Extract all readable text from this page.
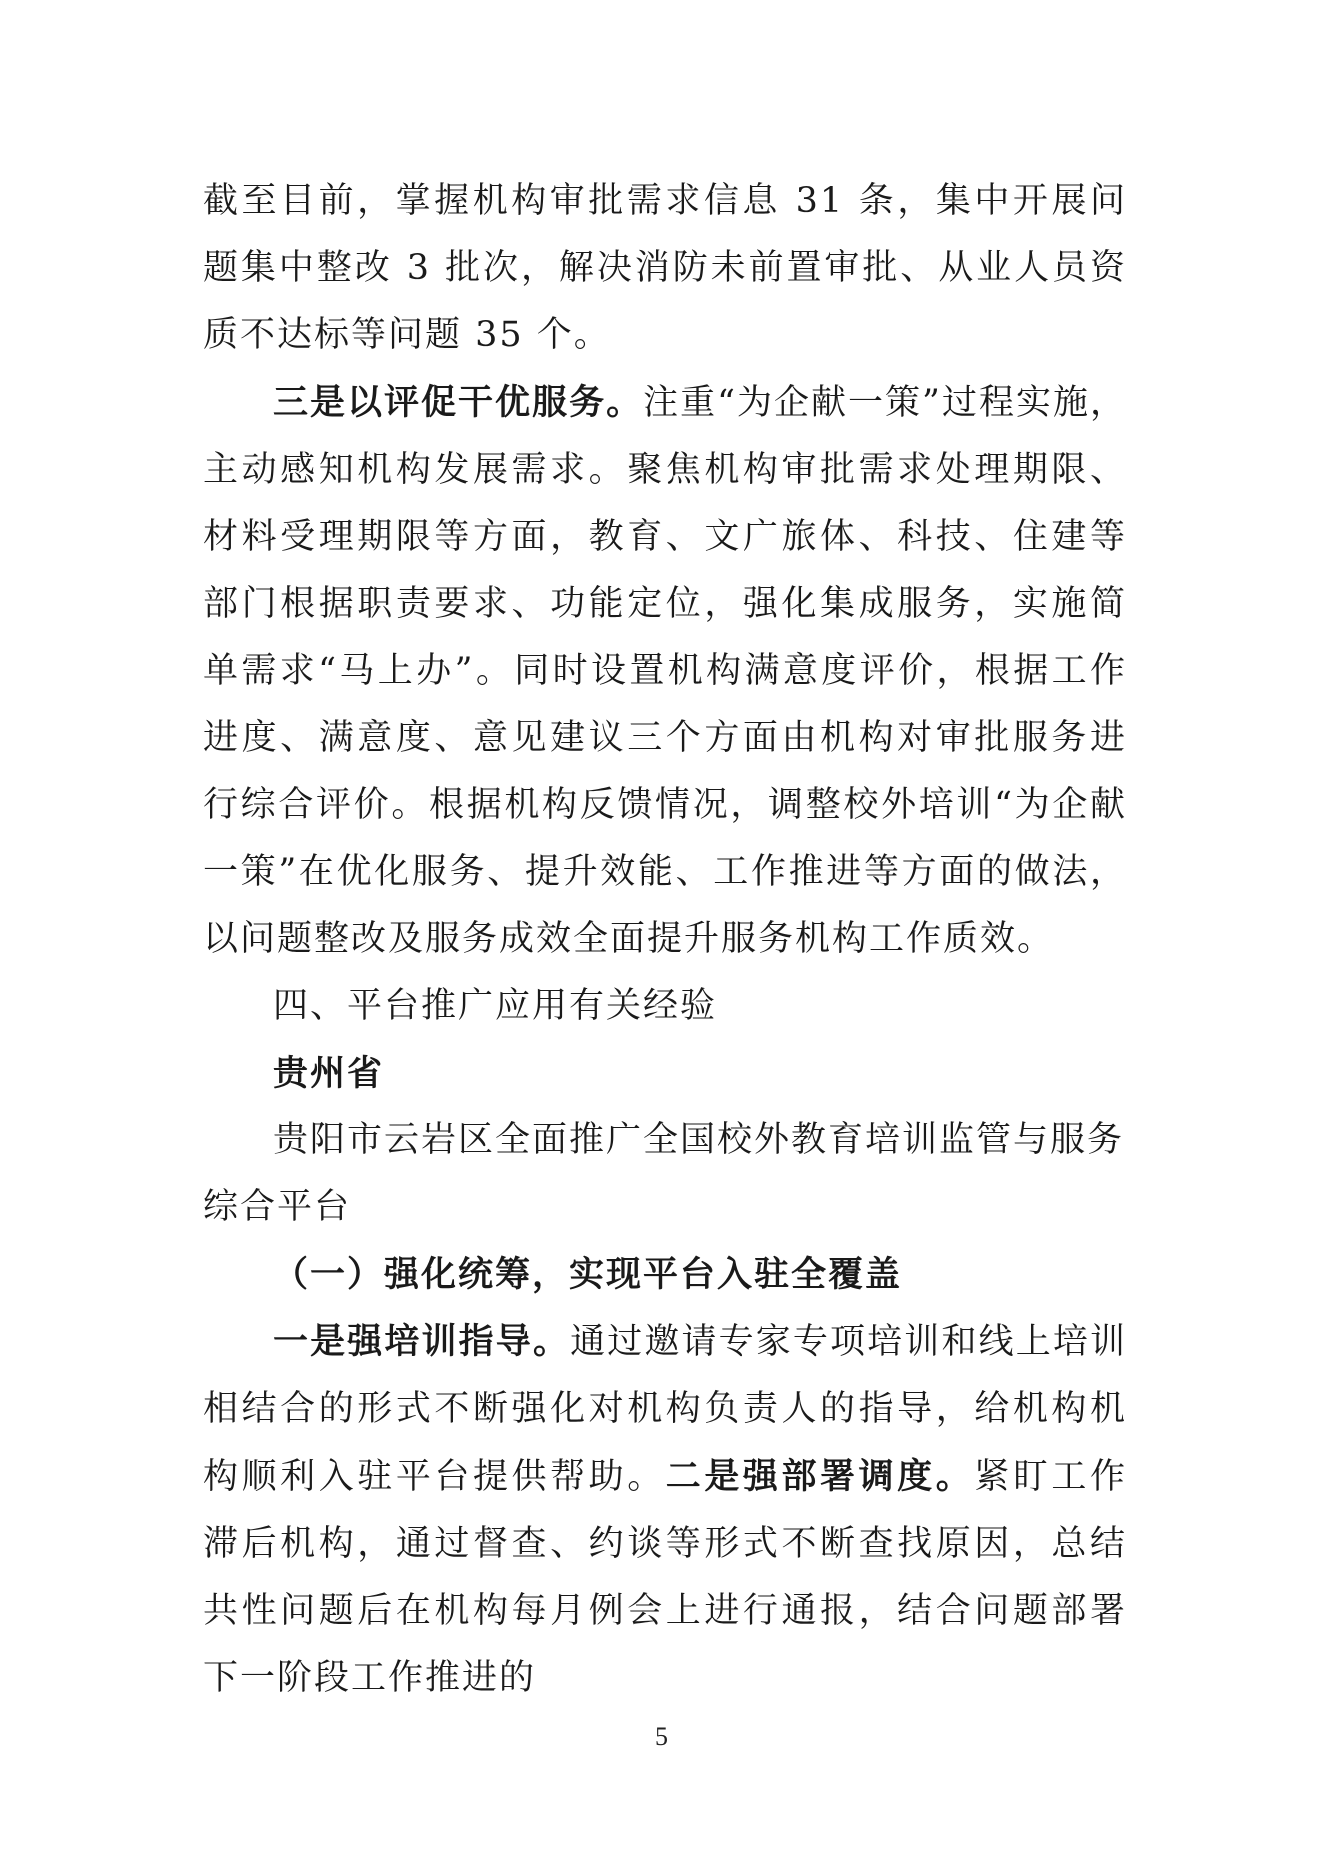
截至目前，掌握机构审批需求信息 31 条，集中开展问题集中整改 3 批次，解决消防未前置审批、从业人员资质不达标等问题 35 个。

三是以评促干优服务。注重“为企献一策”过程实施，主动感知机构发展需求。聚焦机构审批需求处理期限、材料受理期限等方面，教育、文广旅体、科技、住建等部门根据职责要求、功能定位，强化集成服务，实施简单需求“马上办”。同时设置机构满意度评价，根据工作进度、满意度、意见建议三个方面由机构对审批服务进行综合评价。根据机构反馈情况，调整校外培训“为企献一策”在优化服务、提升效能、工作推进等方面的做法，以问题整改及服务成效全面提升服务机构工作质效。

四、平台推广应用有关经验

贵州省

贵阳市云岩区全面推广全国校外教育培训监管与服务综合平台

（一）强化统筹，实现平台入驻全覆盖

一是强培训指导。通过邀请专家专项培训和线上培训相结合的形式不断强化对机构负责人的指导，给机构机构顺利入驻平台提供帮助。二是强部署调度。紧盯工作滞后机构，通过督查、约谈等形式不断查找原因，总结共性问题后在机构每月例会上进行通报，结合问题部署下一阶段工作推进的

5
